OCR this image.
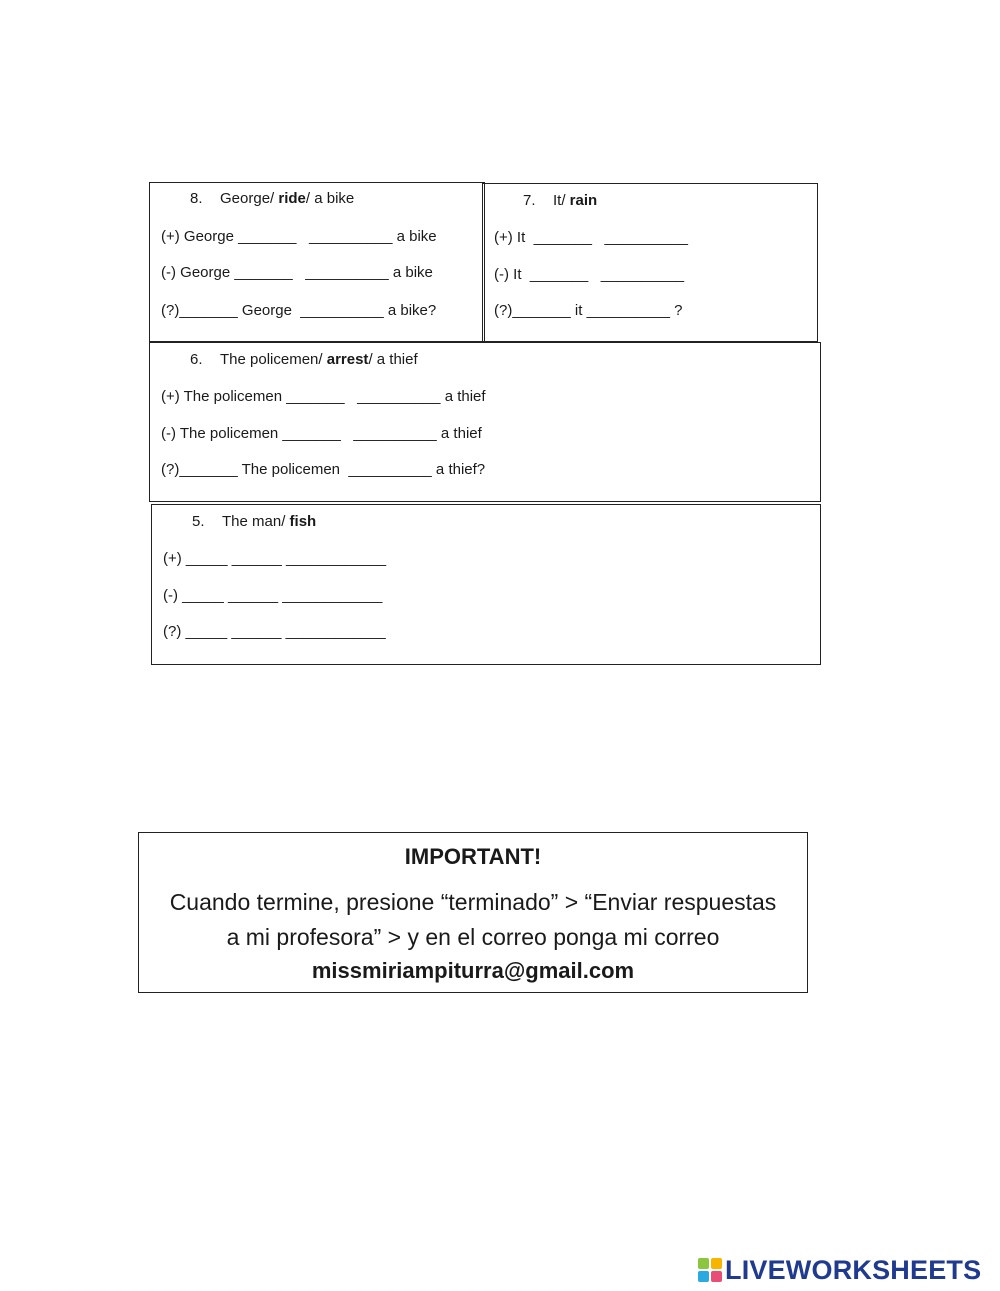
8. George/ ride/ a bike
(+) George _______   __________ a bike
(-) George _______   __________ a bike
(?)_______ George  __________ a bike?
7. It/ rain
(+) It  _______   __________
(-) It  _______   __________
(?)_______ it __________ ?
6. The policemen/ arrest/ a thief
(+) The policemen _______   __________ a thief
(-) The policemen _______   __________ a thief
(?)_______ The policemen  __________ a thief?
5. The man/ fish
(+) _____ ______ ____________
(-) _____ ______ ____________
(?) _____ ______ ____________
IMPORTANT!
Cuando termine, presione “terminado” > “Enviar respuestas
a mi profesora” > y en el correo ponga mi correo
missmiriampiturra@gmail.com
LIVEWORKSHEETS
